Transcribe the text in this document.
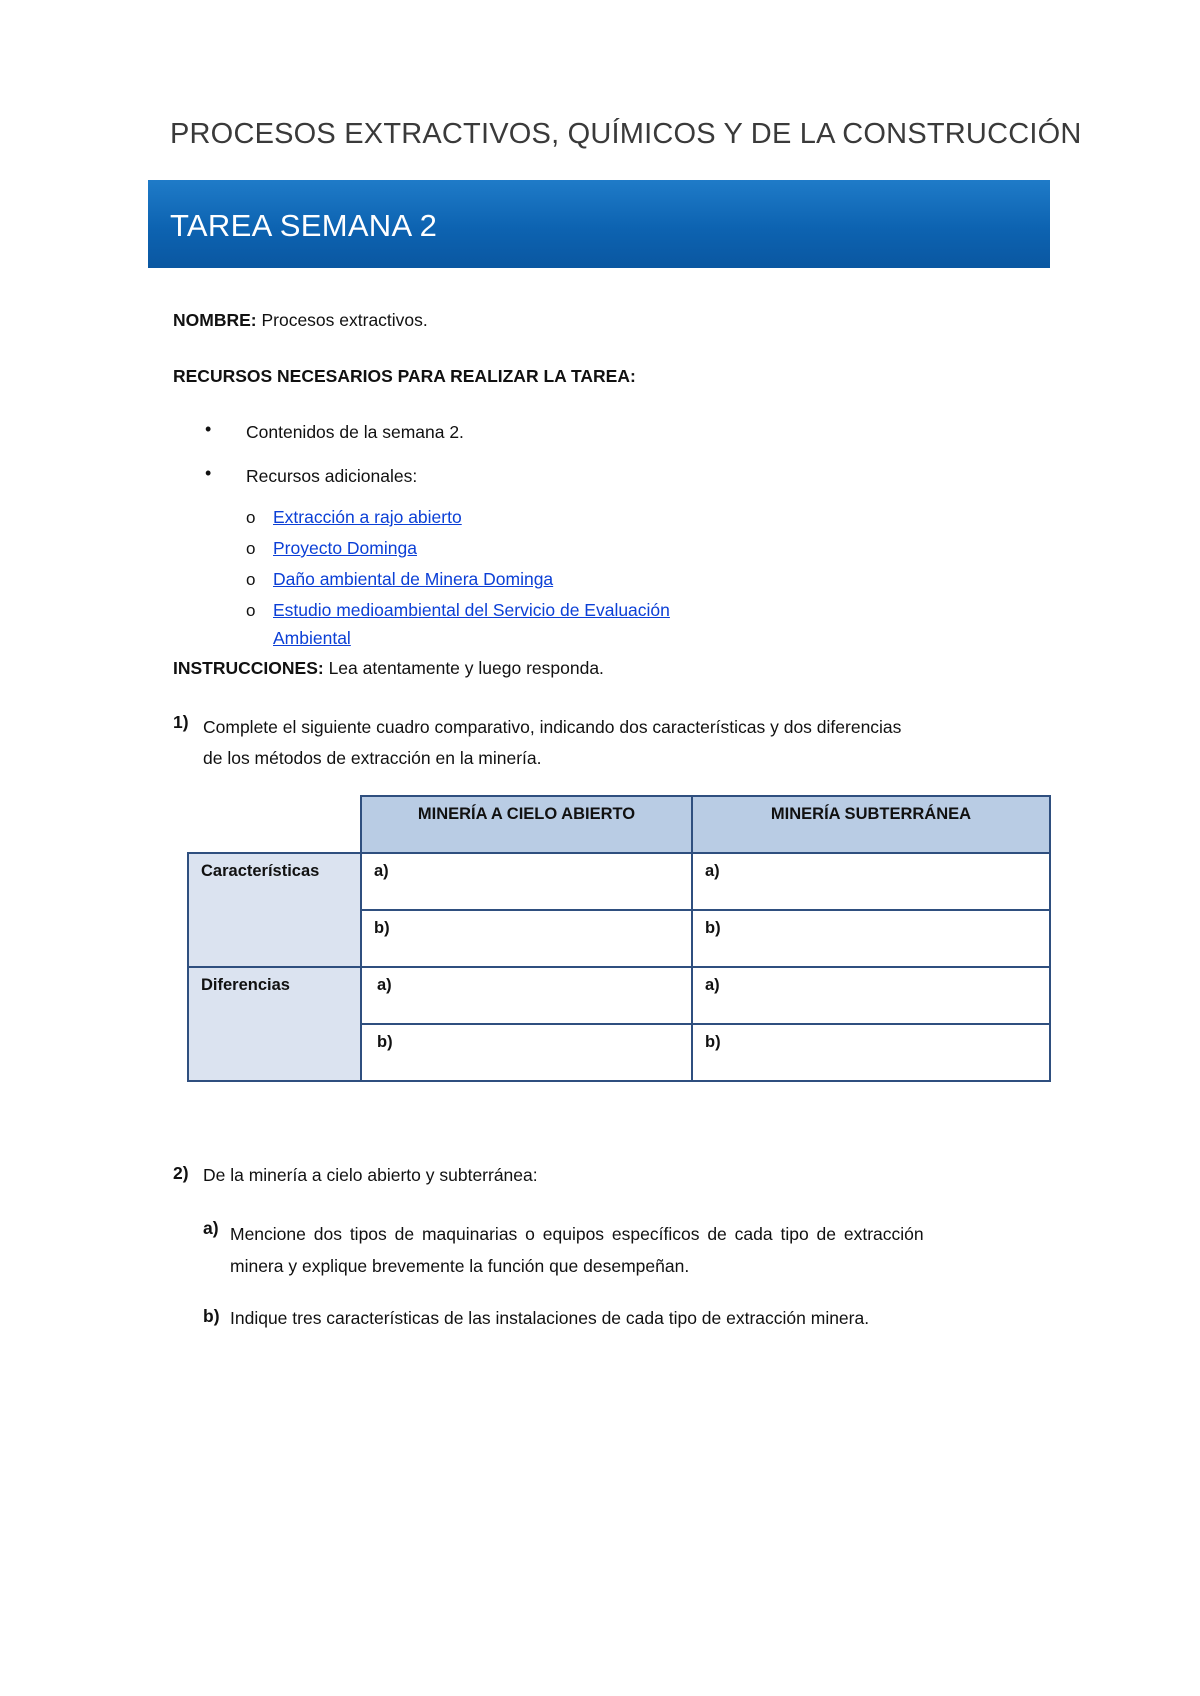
PROCESOS EXTRACTIVOS, QUÍMICOS Y DE LA CONSTRUCCIÓN
TAREA SEMANA 2
NOMBRE: Procesos extractivos.
RECURSOS NECESARIOS PARA REALIZAR LA TAREA:
• Contenidos de la semana 2.
• Recursos adicionales:
o Extracción a rajo abierto
o Proyecto Dominga
o Daño ambiental de Minera Dominga
o Estudio medioambiental del Servicio de Evaluación
Ambiental
INSTRUCCIONES: Lea atentamente y luego responda.
1) Complete el siguiente cuadro comparativo, indicando dos características y dos diferencias
de los métodos de extracción en la minería.
	MINERÍA A CIELO ABIERTO	MINERÍA SUBTERRÁNEA
Características	a)	a)
	b)	b)
Diferencias	a)	a)
	b)	b)
2) De la minería a cielo abierto y subterránea:
a) Mencione dos tipos de maquinarias o equipos específicos de cada tipo de extracción
minera y explique brevemente la función que desempeñan.
b) Indique tres características de las instalaciones de cada tipo de extracción minera.
